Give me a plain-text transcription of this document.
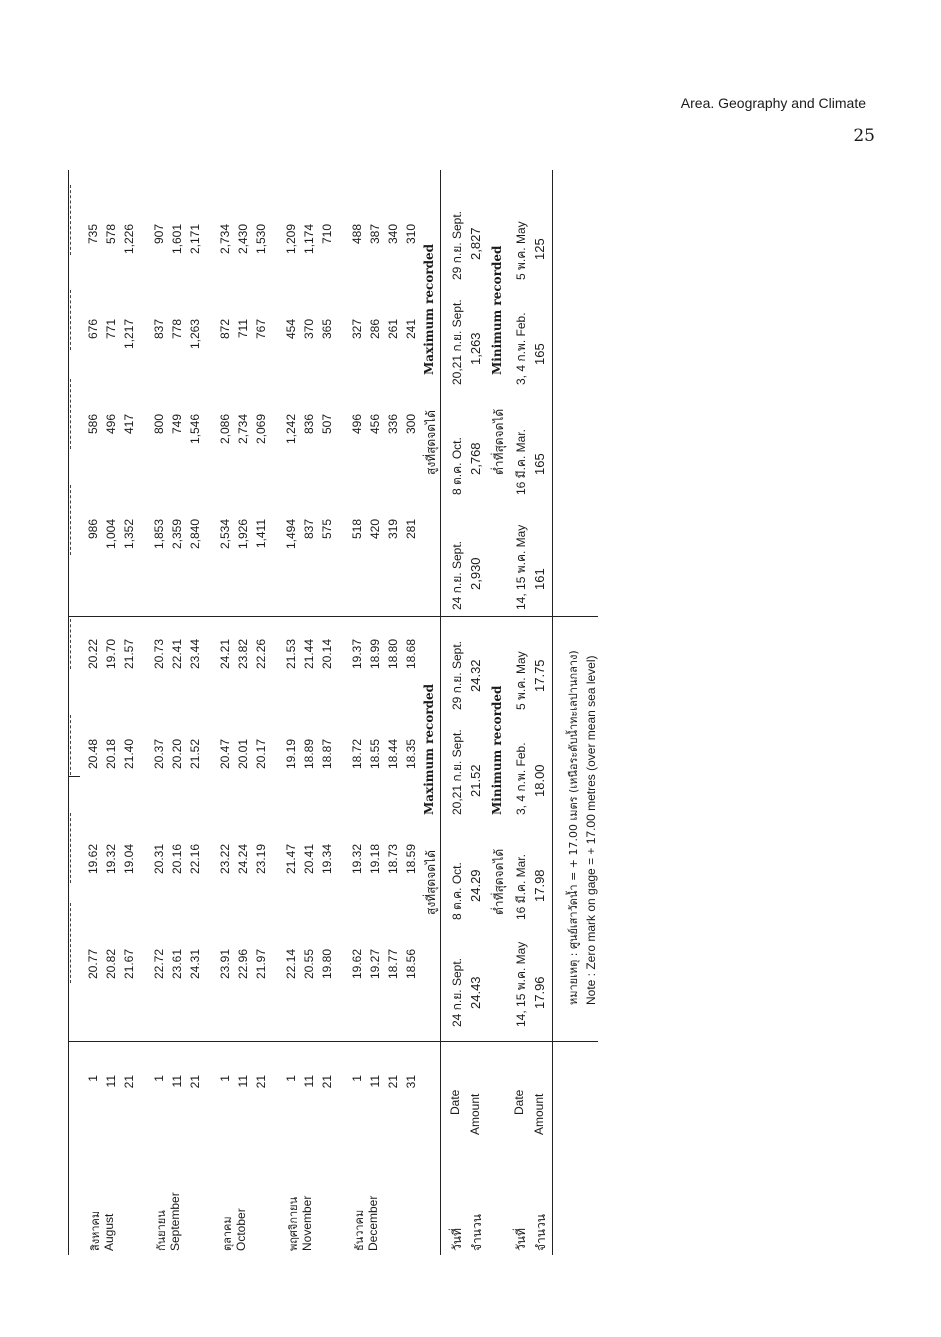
Area. Geography and Climate
25
สิงหาคม August
1
20.77
19.62
20.48
20.22
986
586
676
735
11
20.82
19.32
20.18
19.70
1,004
496
771
578
21
21.67
19.04
21.40
21.57
1,352
417
1,217
1,226
กันยายน September
1
22.72
20.31
20.37
20.73
1,853
800
837
907
11
23.61
20.16
20.20
22.41
2,359
749
778
1,601
21
24.31
22.16
21.52
23.44
2,840
1,546
1,263
2,171
ตุลาคม October
1
23.91
23.22
20.47
24.21
2,534
2,086
872
2,734
11
22.96
24.24
20.01
23.82
1,926
2,734
711
2,430
21
21.97
23.19
20.17
22.26
1,411
2,069
767
1,530
พฤศจิกายน November
1
22.14
21.47
19.19
21.53
1,494
1,242
454
1,209
11
20.55
20.41
18.89
21.44
837
836
370
1,174
21
19.80
19.34
18.87
20.14
575
507
365
710
ธันวาคม December
1
19.62
19.32
18.72
19.37
518
496
327
488
11
19.27
19.18
18.55
18.99
420
456
286
387
21
18.77
18.73
18.44
18.80
319
336
261
340
31
18.56
18.59
18.35
18.68
281
300
241
310
วันที่
Date
จำนวน
Amount
สูงที่สุดจดได้
Maximum recorded
สูงที่สุดจดได้
Maximum recorded
24 ก.ย. Sept.
8 ต.ค. Oct.
20,21 ก.ย. Sept.
29 ก.ย. Sept.
24.43
24.29
21.52
24.32
24 ก.ย. Sept.
8 ต.ค. Oct.
20,21 ก.ย. Sept.
29 ก.ย. Sept.
2,930
2,768
1,263
2,827
วันที่
Date
จำนวน
Amount
ต่ำที่สุดจดได้
Minimum recorded
ต่ำที่สุดจดได้
Minimum recorded
14, 15 พ.ค. May
16 มี.ค. Mar.
3, 4 ก.พ. Feb.
5 พ.ค. May
17.96
17.98
18.00
17.75
14, 15 พ.ค. May
16 มี.ค. Mar.
3, 4 ก.พ. Feb.
5 พ.ค. May
161
165
165
125
หมายเหตุ : ศูนย์เสาวัดน้ำ = + 17.00 เมตร (เหนือระดับน้ำทะเลปานกลาง) Note : Zero mark on gage = + 17.00 metres (over mean sea level)
